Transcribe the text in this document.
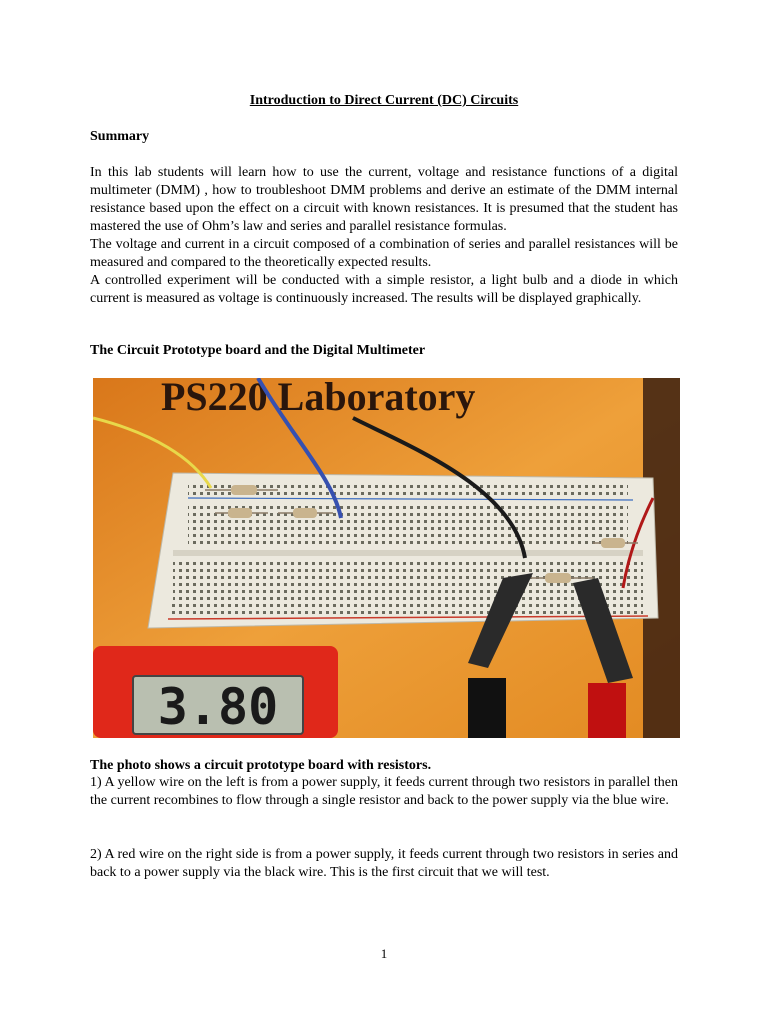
Introduction to Direct Current (DC) Circuits
Summary

In this lab students will learn how to use the current, voltage and resistance functions of a digital multimeter (DMM) , how to troubleshoot DMM problems and derive an estimate of the DMM internal resistance based upon the effect on a circuit with known resistances. It is presumed that the student has mastered the use of Ohm’s law and series and parallel resistance formulas.

The voltage and current in a circuit composed of a combination of series and parallel resistances will be measured and compared to the theoretically expected results.

A controlled experiment will be conducted with a simple resistor, a light bulb and a diode in which current is measured as voltage is continuously increased. The results will be displayed graphically.

The Circuit Prototype board and the Digital Multimeter
PS220 Laboratory
3.80
The photo shows a circuit prototype board with resistors.
1) A yellow wire on the left is from a power supply, it feeds current through two resistors in parallel then the current recombines to flow through a single resistor and back to the power supply via the blue wire.
2) A red wire on the right side is from a power supply, it feeds current through two resistors in series and back to a power supply via the black wire. This is the first circuit that we will test.
1
